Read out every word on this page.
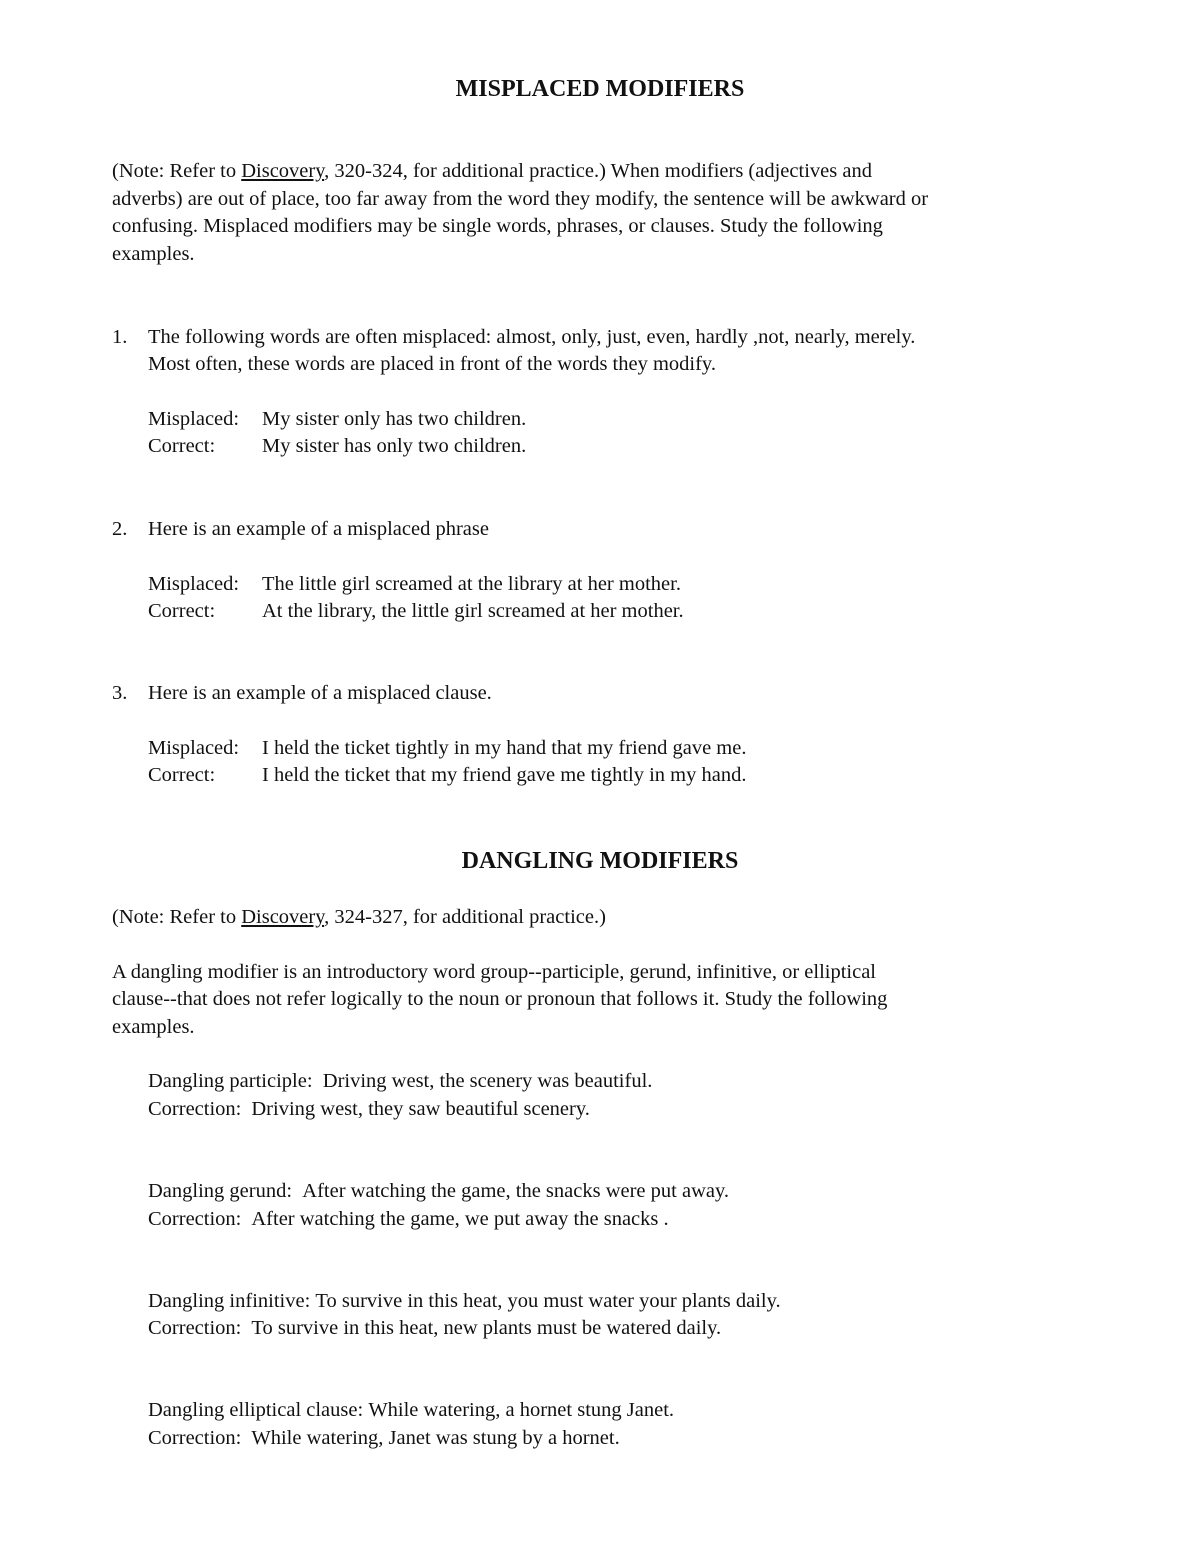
MISPLACED MODIFIERS
(Note: Refer to Discovery, 320-324, for additional practice.) When modifiers (adjectives and
adverbs) are out of place, too far away from the word they modify, the sentence will be awkward or
confusing. Misplaced modifiers may be single words, phrases, or clauses. Study the following
examples.
1. The following words are often misplaced: almost, only, just, even, hardly ,not, nearly, merely.
Most often, these words are placed in front of the words they modify.
Misplaced: My sister only has two children.
Correct: My sister has only two children.
2. Here is an example of a misplaced phrase
Misplaced: The little girl screamed at the library at her mother.
Correct: At the library, the little girl screamed at her mother.
3. Here is an example of a misplaced clause.
Misplaced: I held the ticket tightly in my hand that my friend gave me.
Correct: I held the ticket that my friend gave me tightly in my hand.
DANGLING MODIFIERS
(Note: Refer to Discovery, 324-327, for additional practice.)
A dangling modifier is an introductory word group--participle, gerund, infinitive, or elliptical
clause--that does not refer logically to the noun or pronoun that follows it. Study the following
examples.
Dangling participle: Driving west, the scenery was beautiful.
Correction: Driving west, they saw beautiful scenery.
Dangling gerund: After watching the game, the snacks were put away.
Correction: After watching the game, we put away the snacks .
Dangling infinitive: To survive in this heat, you must water your plants daily.
Correction: To survive in this heat, new plants must be watered daily.
Dangling elliptical clause: While watering, a hornet stung Janet.
Correction: While watering, Janet was stung by a hornet.
